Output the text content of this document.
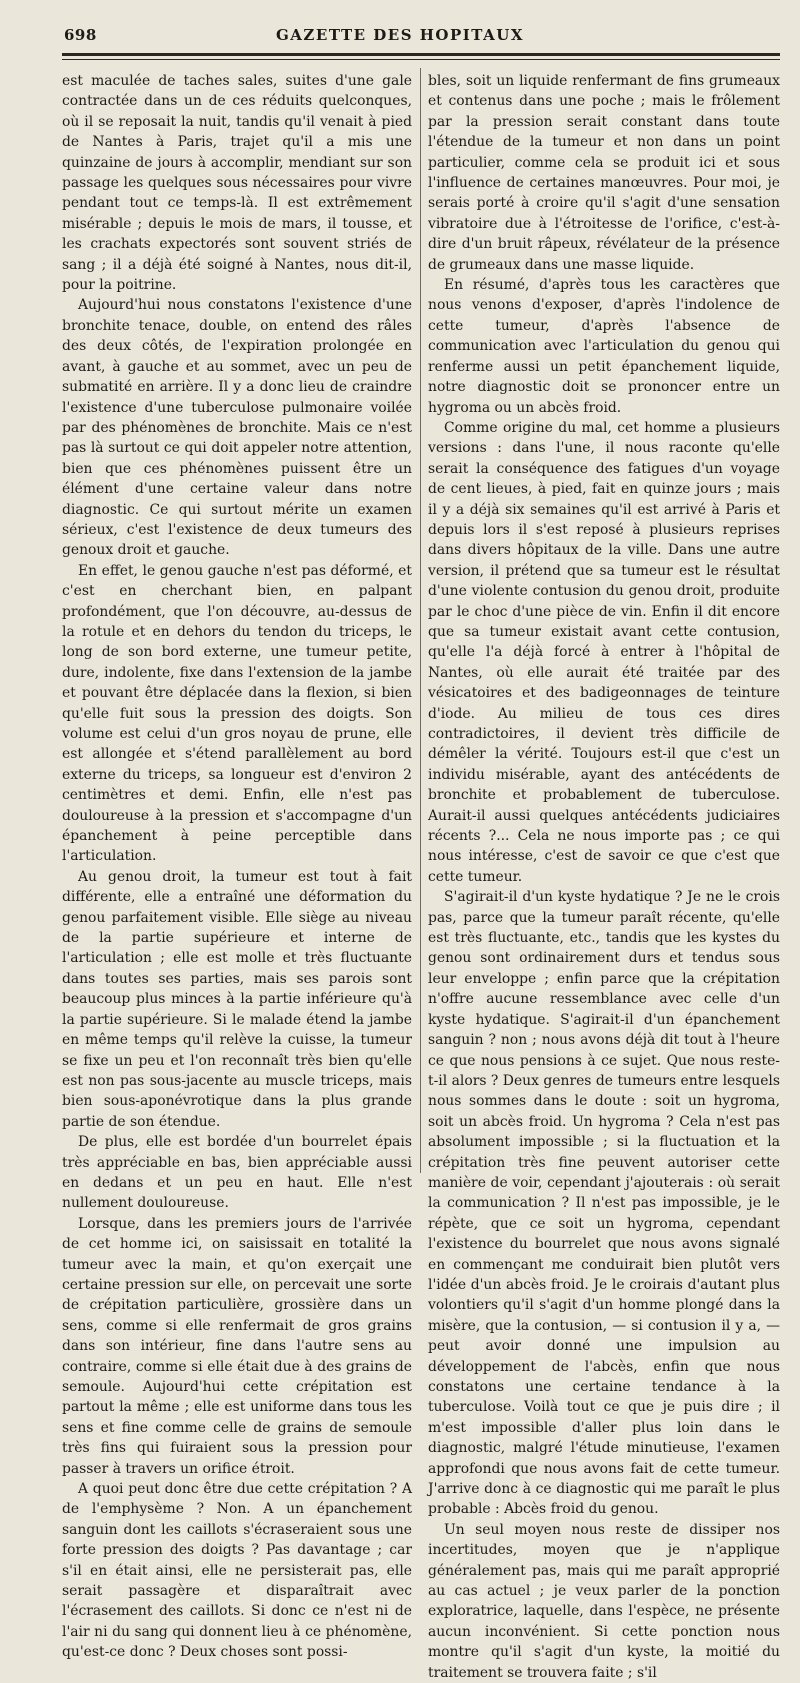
698	GAZETTE DES HOPITAUX

est maculée de taches sales, suites d'une gale contractée dans un de ces réduits quelconques, où il se reposait la nuit, tandis qu'il venait à pied de Nantes à Paris, trajet qu'il a mis une quinzaine de jours à accomplir, mendiant sur son passage les quelques sous nécessaires pour vivre pendant tout ce temps-là. Il est extrêmement misérable ; depuis le mois de mars, il tousse, et les crachats expectorés sont souvent striés de sang ; il a déjà été soigné à Nantes, nous dit-il, pour la poitrine.

Aujourd'hui nous constatons l'existence d'une bronchite tenace, double, on entend des râles des deux côtés, de l'expiration prolongée en avant, à gauche et au sommet, avec un peu de submatité en arrière. Il y a donc lieu de craindre l'existence d'une tuberculose pulmonaire voilée par des phénomènes de bronchite. Mais ce n'est pas là surtout ce qui doit appeler notre attention, bien que ces phénomènes puissent être un élément d'une certaine valeur dans notre diagnostic. Ce qui surtout mérite un examen sérieux, c'est l'existence de deux tumeurs des genoux droit et gauche.

En effet, le genou gauche n'est pas déformé, et c'est en cherchant bien, en palpant profondément, que l'on découvre, au-dessus de la rotule et en dehors du tendon du triceps, le long de son bord externe, une tumeur petite, dure, indolente, fixe dans l'extension de la jambe et pouvant être déplacée dans la flexion, si bien qu'elle fuit sous la pression des doigts. Son volume est celui d'un gros noyau de prune, elle est allongée et s'étend parallèlement au bord externe du triceps, sa longueur est d'environ 2 centimètres et demi. Enfin, elle n'est pas douloureuse à la pression et s'accompagne d'un épanchement à peine perceptible dans l'articulation.

Au genou droit, la tumeur est tout à fait différente, elle a entraîné une déformation du genou parfaitement visible. Elle siège au niveau de la partie supérieure et interne de l'articulation ; elle est molle et très fluctuante dans toutes ses parties, mais ses parois sont beaucoup plus minces à la partie inférieure qu'à la partie supérieure. Si le malade étend la jambe en même temps qu'il relève la cuisse, la tumeur se fixe un peu et l'on reconnaît très bien qu'elle est non pas sous-jacente au muscle triceps, mais bien sous-aponévrotique dans la plus grande partie de son étendue.

De plus, elle est bordée d'un bourrelet épais très appréciable en bas, bien appréciable aussi en dedans et un peu en haut. Elle n'est nullement douloureuse.

Lorsque, dans les premiers jours de l'arrivée de cet homme ici, on saisissait en totalité la tumeur avec la main, et qu'on exerçait une certaine pression sur elle, on percevait une sorte de crépitation particulière, grossière dans un sens, comme si elle renfermait de gros grains dans son intérieur, fine dans l'autre sens au contraire, comme si elle était due à des grains de semoule. Aujourd'hui cette crépitation est partout la même ; elle est uniforme dans tous les sens et fine comme celle de grains de semoule très fins qui fuiraient sous la pression pour passer à travers un orifice étroit.

A quoi peut donc être due cette crépitation ? A de l'emphysème ? Non. A un épanchement sanguin dont les caillots s'écraseraient sous une forte pression des doigts ? Pas davantage ; car s'il en était ainsi, elle ne persisterait pas, elle serait passagère et disparaîtrait avec l'écrasement des caillots. Si donc ce n'est ni de l'air ni du sang qui donnent lieu à ce phénomène, qu'est-ce donc ? Deux choses sont possi-

bles, soit un liquide renfermant de fins grumeaux et contenus dans une poche ; mais le frôlement par la pression serait constant dans toute l'étendue de la tumeur et non dans un point particulier, comme cela se produit ici et sous l'influence de certaines manœuvres. Pour moi, je serais porté à croire qu'il s'agit d'une sensation vibratoire due à l'étroitesse de l'orifice, c'est-à-dire d'un bruit râpeux, révélateur de la présence de grumeaux dans une masse liquide.

En résumé, d'après tous les caractères que nous venons d'exposer, d'après l'indolence de cette tumeur, d'après l'absence de communication avec l'articulation du genou qui renferme aussi un petit épanchement liquide, notre diagnostic doit se prononcer entre un hygroma ou un abcès froid.

Comme origine du mal, cet homme a plusieurs versions : dans l'une, il nous raconte qu'elle serait la conséquence des fatigues d'un voyage de cent lieues, à pied, fait en quinze jours ; mais il y a déjà six semaines qu'il est arrivé à Paris et depuis lors il s'est reposé à plusieurs reprises dans divers hôpitaux de la ville. Dans une autre version, il prétend que sa tumeur est le résultat d'une violente contusion du genou droit, produite par le choc d'une pièce de vin. Enfin il dit encore que sa tumeur existait avant cette contusion, qu'elle l'a déjà forcé à entrer à l'hôpital de Nantes, où elle aurait été traitée par des vésicatoires et des badigeonnages de teinture d'iode. Au milieu de tous ces dires contradictoires, il devient très difficile de démêler la vérité. Toujours est-il que c'est un individu misérable, ayant des antécédents de bronchite et probablement de tuberculose. Aurait-il aussi quelques antécédents judiciaires récents ?... Cela ne nous importe pas ; ce qui nous intéresse, c'est de savoir ce que c'est que cette tumeur.

S'agirait-il d'un kyste hydatique ? Je ne le crois pas, parce que la tumeur paraît récente, qu'elle est très fluctuante, etc., tandis que les kystes du genou sont ordinairement durs et tendus sous leur enveloppe ; enfin parce que la crépitation n'offre aucune ressemblance avec celle d'un kyste hydatique. S'agirait-il d'un épanchement sanguin ? non ; nous avons déjà dit tout à l'heure ce que nous pensions à ce sujet. Que nous reste-t-il alors ? Deux genres de tumeurs entre lesquels nous sommes dans le doute : soit un hygroma, soit un abcès froid. Un hygroma ? Cela n'est pas absolument impossible ; si la fluctuation et la crépitation très fine peuvent autoriser cette manière de voir, cependant j'ajouterais : où serait la communication ? Il n'est pas impossible, je le répète, que ce soit un hygroma, cependant l'existence du bourrelet que nous avons signalé en commençant me conduirait bien plutôt vers l'idée d'un abcès froid. Je le croirais d'autant plus volontiers qu'il s'agit d'un homme plongé dans la misère, que la contusion, — si contusion il y a, — peut avoir donné une impulsion au développement de l'abcès, enfin que nous constatons une certaine tendance à la tuberculose. Voilà tout ce que je puis dire ; il m'est impossible d'aller plus loin dans le diagnostic, malgré l'étude minutieuse, l'examen approfondi que nous avons fait de cette tumeur. J'arrive donc à ce diagnostic qui me paraît le plus probable : Abcès froid du genou.

Un seul moyen nous reste de dissiper nos incertitudes, moyen que je n'applique généralement pas, mais qui me paraît approprié au cas actuel ; je veux parler de la ponction exploratrice, laquelle, dans l'espèce, ne présente aucun inconvénient. Si cette ponction nous montre qu'il s'agit d'un kyste, la moitié du traitement se trouvera faite ; s'il
